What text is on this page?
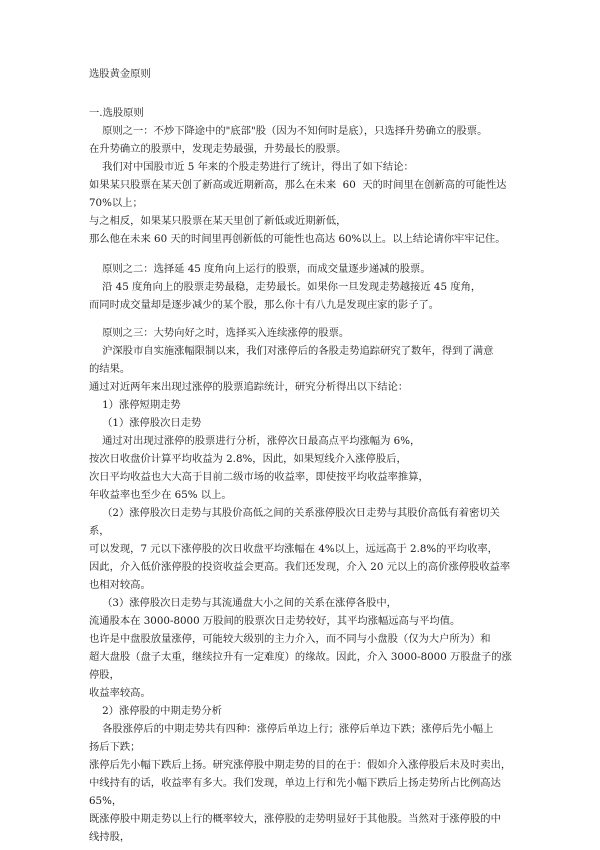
选股黄金原则
一.选股原则
原则之一：不炒下降途中的"底部"股（因为不知何时是底），只选择升势确立的股票。
在升势确立的股票中，发现走势最强，升势最长的股票。
我们对中国股市近 5 年来的个股走势进行了统计，得出了如下结论：
如果某只股票在某天创了新高或近期新高，那么在未来  60  天的时间里在创新高的可能性达
70%以上；
与之相反，如果某只股票在某天里创了新低或近期新低，
那么他在未来 60 天的时间里再创新低的可能性也高达 60%以上。以上结论请你牢牢记住。
原则之二：选择延 45 度角向上运行的股票，而成交量逐步递减的股票。
沿 45 度角向上的股票走势最稳，走势最长。如果你一旦发现走势越接近 45 度角，
而同时成交量却是逐步减少的某个股，那么你十有八九是发现庄家的影子了。
原则之三：大势向好之时，选择买入连续涨停的股票。
沪深股市自实施涨幅限制以来，我们对涨停后的各股走势追踪研究了数年，得到了满意
的结果。
通过对近两年来出现过涨停的股票追踪统计，研究分析得出以下结论：
1）涨停短期走势
（1）涨停股次日走势
通过对出现过涨停的股票进行分析，涨停次日最高点平均涨幅为 6%，
按次日收盘价计算平均收益为 2.8%，因此，如果短线介入涨停股后，
次日平均收益也大大高于目前二级市场的收益率，即使按平均收益率推算，
年收益率也至少在 65% 以上。
（2）涨停股次日走势与其股价高低之间的关系涨停股次日走势与其股价高低有着密切关
系，
可以发现，7 元以下涨停股的次日收盘平均涨幅在 4%以上，远远高于 2.8%的平均收率，
因此，介入低价涨停股的投资收益会更高。我们还发现，介入 20 元以上的高价涨停股收益率
也相对较高。
（3）涨停股次日走势与其流通盘大小之间的关系在涨停各股中，
流通股本在 3000-8000 万股间的股票次日走势较好，其平均涨幅远高与平均值。
也许是中盘股放量涨停，可能较大级别的主力介入，而不同与小盘股（仅为大户所为）和
超大盘股（盘子太重，继续拉升有一定难度）的缘故。因此，介入 3000-8000 万股盘子的涨
停股，
收益率较高。
2）涨停股的中期走势分析
各股涨停后的中期走势共有四种：涨停后单边上行；涨停后单边下跌；涨停后先小幅上
扬后下跌；
涨停后先小幅下跌后上扬。研究涨停股中期走势的目的在于：假如介入涨停股后未及时卖出，
中线持有的话，收益率有多大。我们发现，单边上行和先小幅下跌后上扬走势所占比例高达
65%，
既涨停股中期走势以上行的概率较大，涨停股的走势明显好于其他股。当然对于涨停股的中
线持股，
